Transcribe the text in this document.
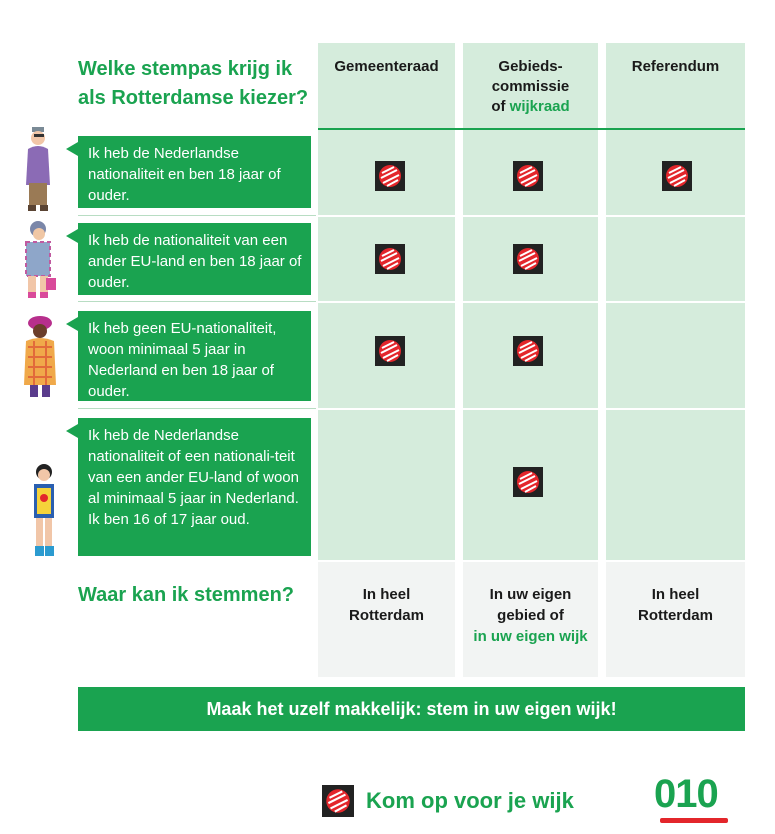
Welke stempas krijg ik als Rotterdamse kiezer?
Gemeenteraad	Gebieds-
commissie
of wijkraad
Referendum
Ik heb de Nederlandse nationaliteit en ben 18 jaar of ouder.
Ik heb de nationaliteit van een ander EU-land en ben 18 jaar of ouder.
Ik heb geen EU-nationaliteit, woon minimaal 5 jaar in Nederland en ben 18 jaar of ouder.
Ik heb de Nederlandse nationaliteit of een nationali-teit van een ander EU-land of woon al minimaal 5 jaar in Nederland. Ik ben 16 of 17 jaar oud.
Waar kan ik stemmen?	In heel
Rotterdam
In uw eigen
gebied of
in uw eigen wijk
In heel
Rotterdam
Maak het uzelf makkelijk: stem in uw eigen wijk!
Kom op voor je wijk 010
